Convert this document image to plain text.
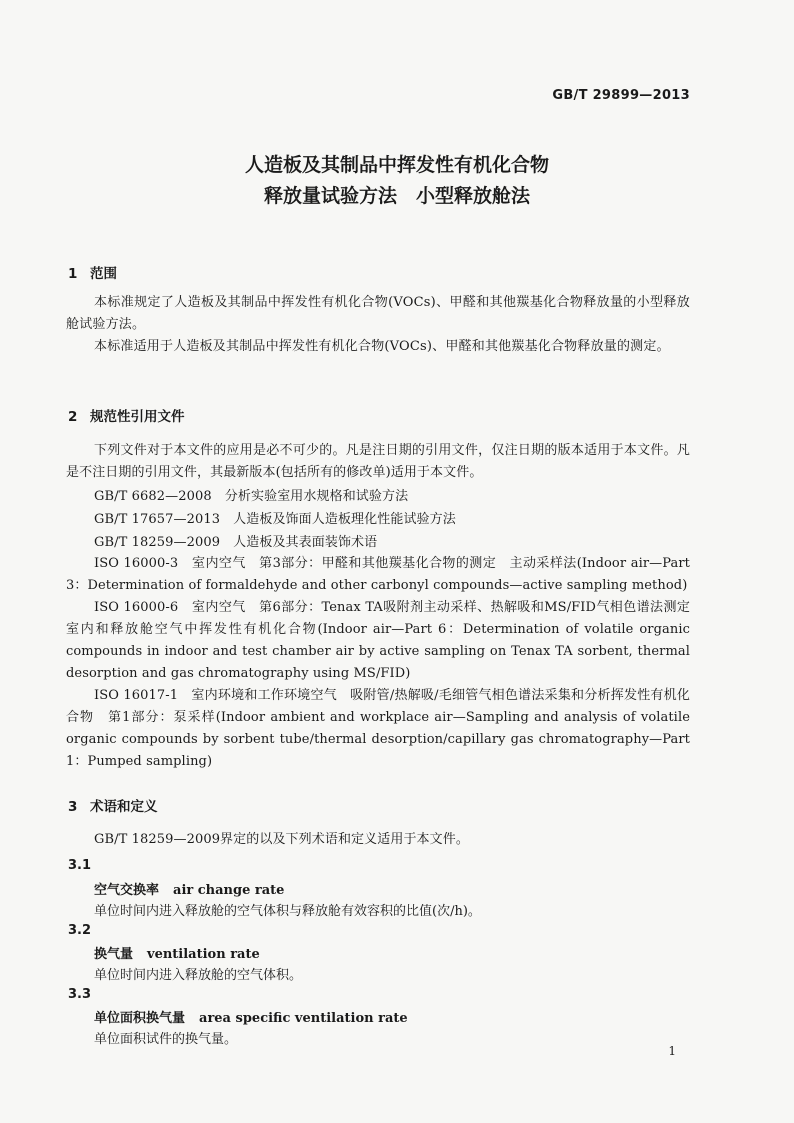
GB/T 29899—2013
人造板及其制品中挥发性有机化合物
释放量试验方法　小型释放舱法
1 范围
本标准规定了人造板及其制品中挥发性有机化合物(VOCs)、甲醛和其他羰基化合物释放量的小型释放舱试验方法。
本标准适用于人造板及其制品中挥发性有机化合物(VOCs)、甲醛和其他羰基化合物释放量的测定。
2 规范性引用文件
下列文件对于本文件的应用是必不可少的。凡是注日期的引用文件，仅注日期的版本适用于本文件。凡是不注日期的引用文件，其最新版本(包括所有的修改单)适用于本文件。
GB/T 6682—2008　分析实验室用水规格和试验方法
GB/T 17657—2013　人造板及饰面人造板理化性能试验方法
GB/T 18259—2009　人造板及其表面装饰术语
ISO 16000-3　室内空气　第3部分：甲醛和其他羰基化合物的测定　主动采样法(Indoor air—Part 3：Determination of formaldehyde and other carbonyl compounds—active sampling method)
ISO 16000-6　室内空气　第6部分：Tenax TA吸附剂主动采样、热解吸和MS/FID气相色谱法测定室内和释放舱空气中挥发性有机化合物(Indoor air—Part 6：Determination of volatile organic compounds in indoor and test chamber air by active sampling on Tenax TA sorbent, thermal desorption and gas chromatography using MS/FID)
ISO 16017-1　室内环境和工作环境空气　吸附管/热解吸/毛细管气相色谱法采集和分析挥发性有机化合物　第1部分：泵采样(Indoor ambient and workplace air—Sampling and analysis of volatile organic compounds by sorbent tube/thermal desorption/capillary gas chromatography—Part 1：Pumped sampling)
3 术语和定义
GB/T 18259—2009界定的以及下列术语和定义适用于本文件。
3.1
空气交换率 air change rate
单位时间内进入释放舱的空气体积与释放舱有效容积的比值(次/h)。
3.2
换气量 ventilation rate
单位时间内进入释放舱的空气体积。
3.3
单位面积换气量 area specific ventilation rate
单位面积试件的换气量。
1
